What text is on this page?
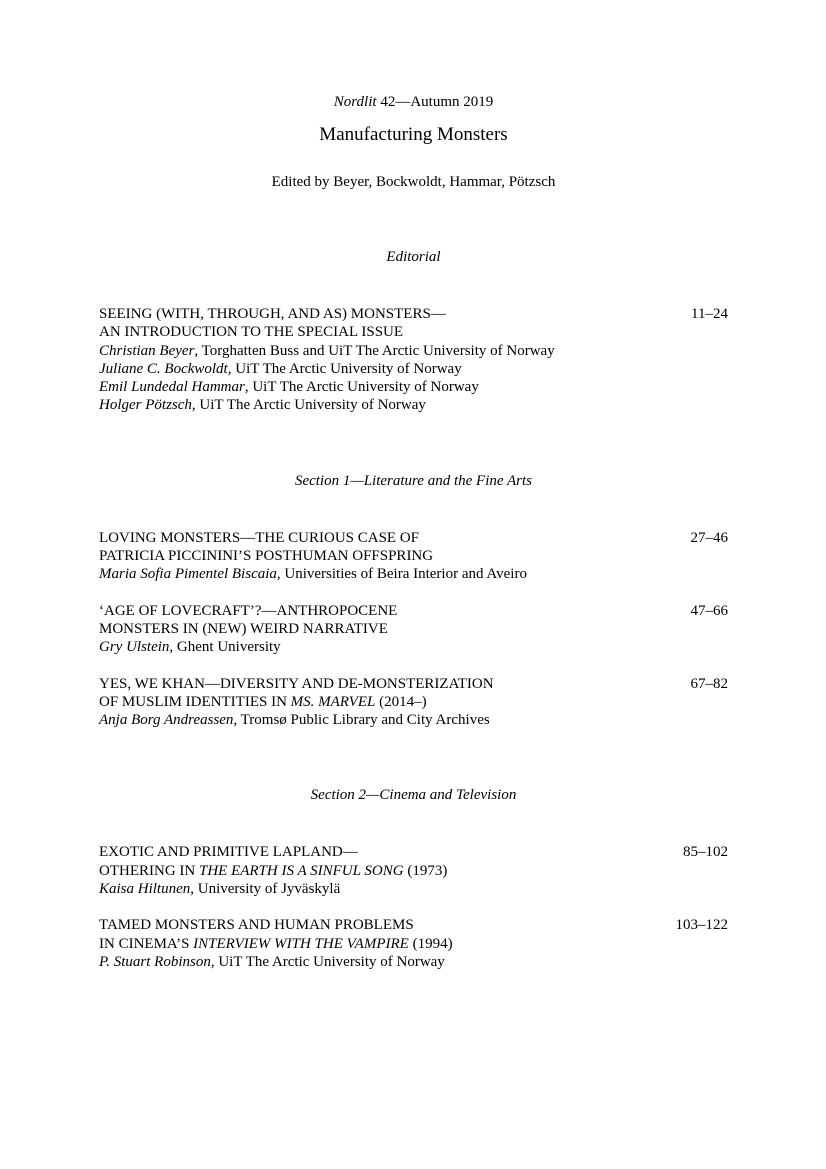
Nordlit 42—Autumn 2019
Manufacturing Monsters
Edited by Beyer, Bockwoldt, Hammar, Pötzsch
Editorial
SEEING (WITH, THROUGH, AND AS) MONSTERS—
AN INTRODUCTION TO THE SPECIAL ISSUE
Christian Beyer, Torghatten Buss and UiT The Arctic University of Norway
Juliane C. Bockwoldt, UiT The Arctic University of Norway
Emil Lundedal Hammar, UiT The Arctic University of Norway
Holger Pötzsch, UiT The Arctic University of Norway
11–24
Section 1—Literature and the Fine Arts
LOVING MONSTERS—THE CURIOUS CASE OF
PATRICIA PICCININI’S POSTHUMAN OFFSPRING
Maria Sofia Pimentel Biscaia, Universities of Beira Interior and Aveiro
27–46
‘AGE OF LOVECRAFT’?—ANTHROPOCENE
MONSTERS IN (NEW) WEIRD NARRATIVE
Gry Ulstein, Ghent University
47–66
YES, WE KHAN—DIVERSITY AND DE-MONSTERIZATION
OF MUSLIM IDENTITIES IN MS. MARVEL (2014–)
Anja Borg Andreassen, Tromsø Public Library and City Archives
67–82
Section 2—Cinema and Television
EXOTIC AND PRIMITIVE LAPLAND—
OTHERING IN THE EARTH IS A SINFUL SONG (1973)
Kaisa Hiltunen, University of Jyväskylä
85–102
TAMED MONSTERS AND HUMAN PROBLEMS
IN CINEMA’S INTERVIEW WITH THE VAMPIRE (1994)
P. Stuart Robinson, UiT The Arctic University of Norway
103–122
